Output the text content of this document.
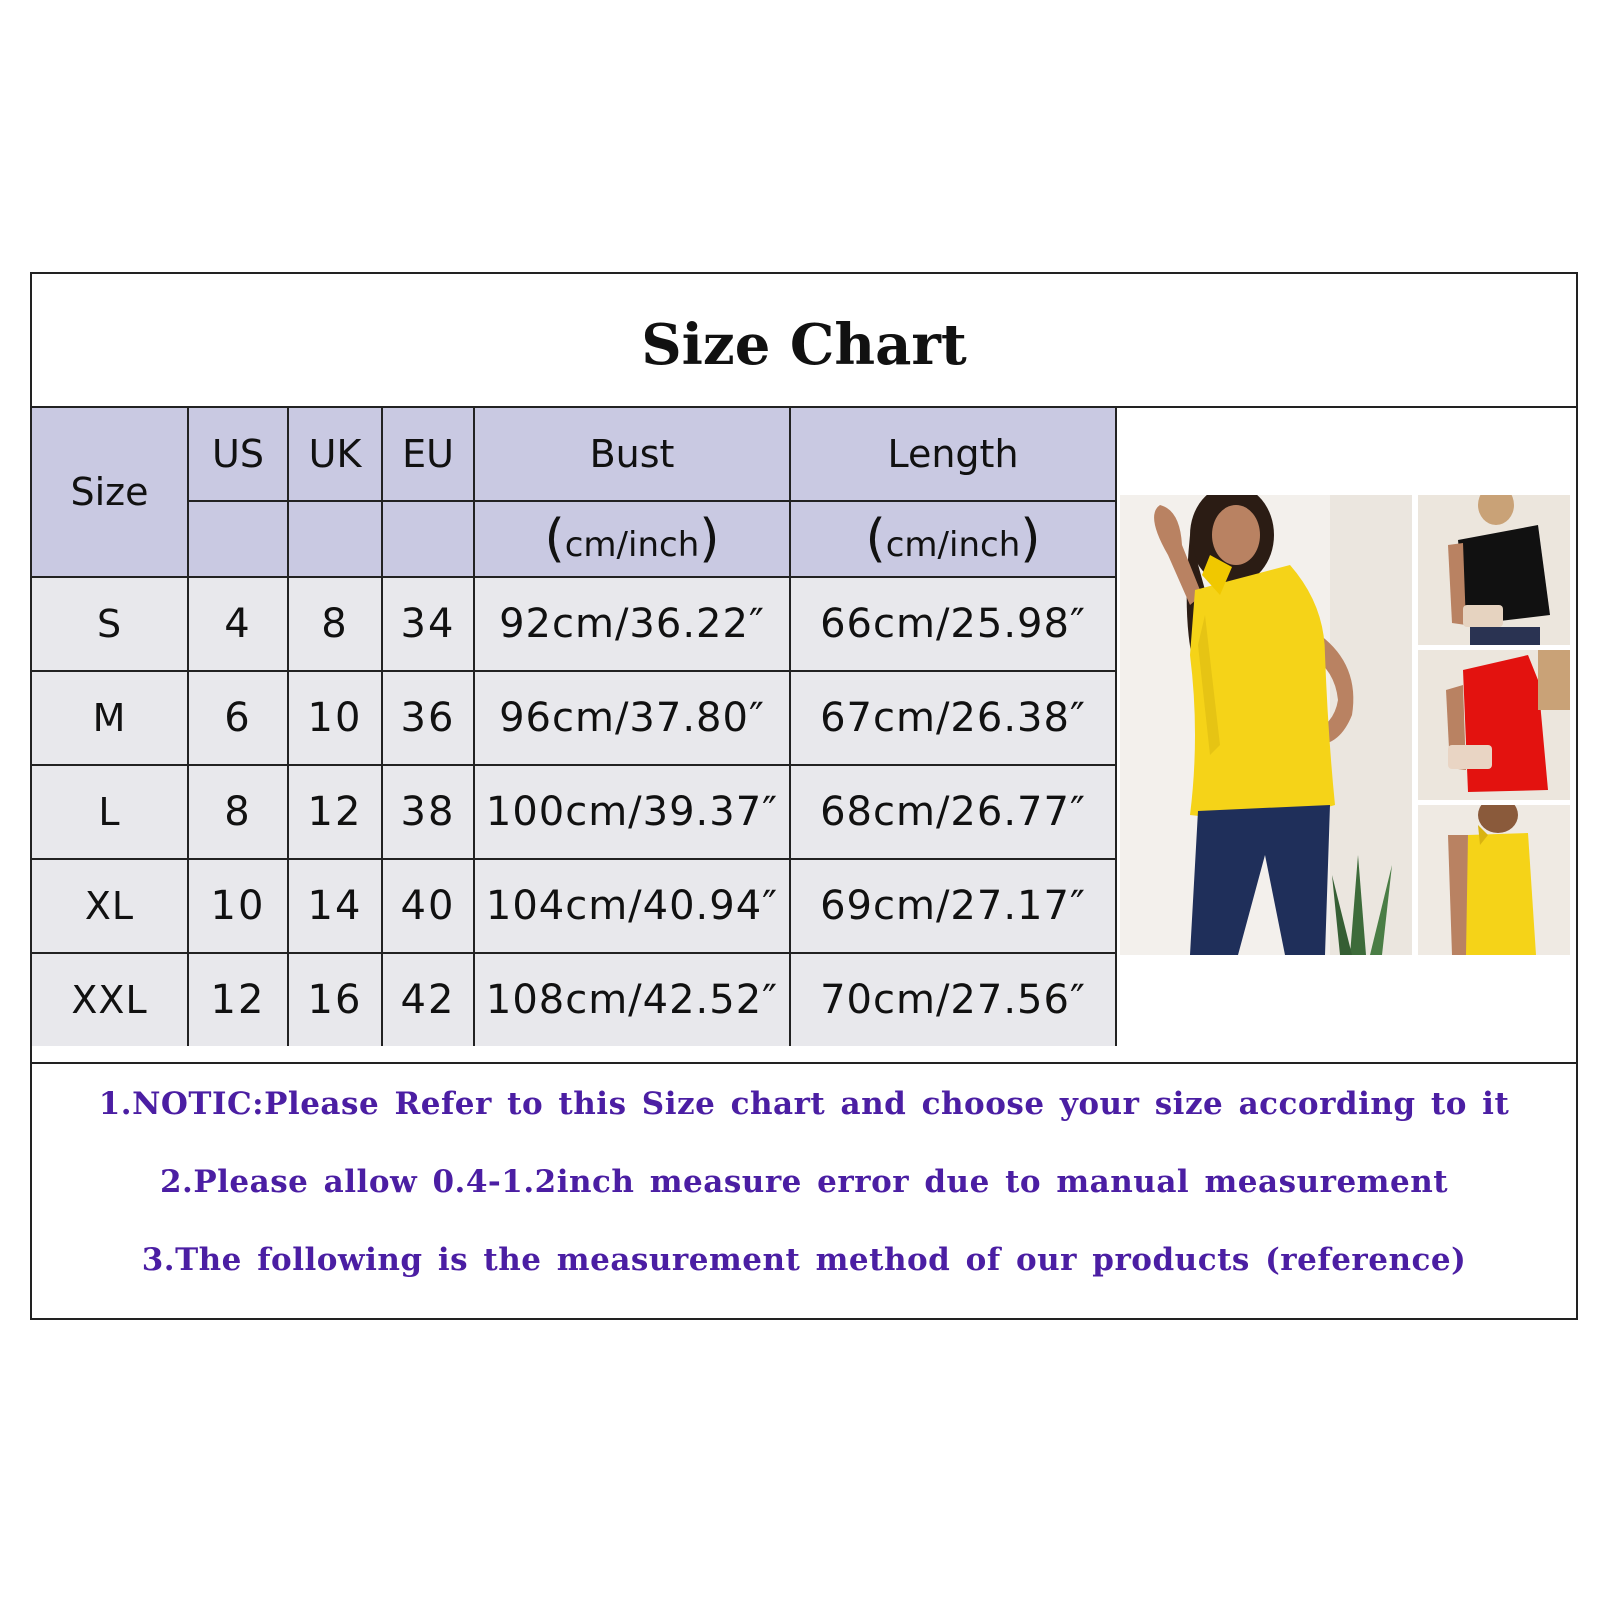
Size Chart
Size	US	UK	EU	Bust	Length
				(cm/inch)	(cm/inch)
S	4	8	34	92cm/36.22″	66cm/25.98″
M	6	10	36	96cm/37.80″	67cm/26.38″
L	8	12	38	100cm/39.37″	68cm/26.77″
XL	10	14	40	104cm/40.94″	69cm/27.17″
XXL	12	16	42	108cm/42.52″	70cm/27.56″
1.NOTIC:Please Refer to this Size chart and choose your size according to it
2.Please allow 0.4-1.2inch measure error due to manual measurement
3.The following is the measurement method of our products (reference)
